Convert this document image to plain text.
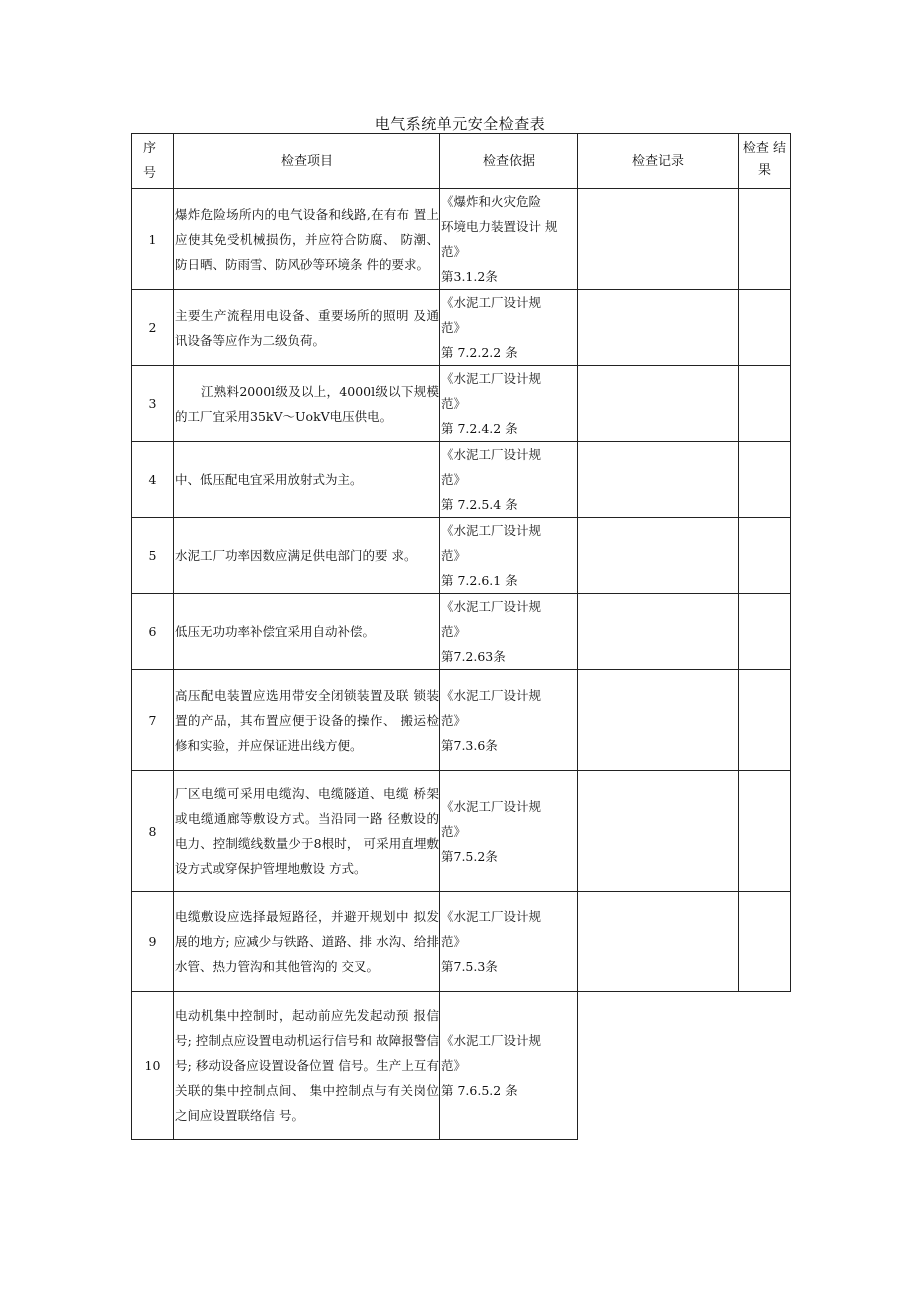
电气系统单元安全检查表
序 号	检查项目	检查依据	检查记录	检查 结果
1	爆炸危险场所内的电气设备和线路,在有布 置上应使其免受机械损伤，并应符合防腐、 防潮、防日晒、防雨雪、防风砂等环境条 件的要求。	《爆炸和火灾危险
环境电力装置设计 规
范》
第3.1.2条		

2	主要生产流程用电设备、重要场所的照明 及通讯设备等应作为二级负荷。	《水泥工厂设计规
范》
第 7.2.2.2 条		

3	江熟料2000l级及以上，4000l级以下规模的工厂宜采用35kV～UokV电压供电。	《水泥工厂设计规
范》
第 7.2.4.2 条		

4	中、低压配电宜采用放射式为主。	《水泥工厂设计规
范》
第 7.2.5.4 条		

5	水泥工厂功率因数应满足供电部门的要 求。	《水泥工厂设计规
范》
第 7.2.6.1 条		

6	低压无功功率补偿宜采用自动补偿。	《水泥工厂设计规
范》
第7.2.63条		

7	高压配电装置应选用带安全闭锁装置及联 锁装置的产品，其布置应便于设备的操作、 搬运检修和实验，并应保证进出线方便。	《水泥工厂设计规
范》
第7.3.6条		

8	厂区电缆可采用电缆沟、电缆隧道、电缆 桥架或电缆通廊等敷设方式。当沿同一路 径敷设的电力、控制缆线数量少于8根时， 可采用直埋敷设方式或穿保护管埋地敷设 方式。	《水泥工厂设计规
范》
第7.5.2条		

9	电缆敷设应选择最短路径，并避开规划中 拟发展的地方; 应减少与铁路、道路、排 水沟、给排水管、热力管沟和其他管沟的 交叉。	《水泥工厂设计规
范》
第7.5.3条		

10	电动机集中控制时，起动前应先发起动预 报信号; 控制点应设置电动机运行信号和 故障报警信号; 移动设备应设置设备位置 信号。生产上互有关联的集中控制点间、 集中控制点与有关岗位之间应设置联络信 号。	《水泥工厂设计规
范》
第 7.6.5.2 条		
